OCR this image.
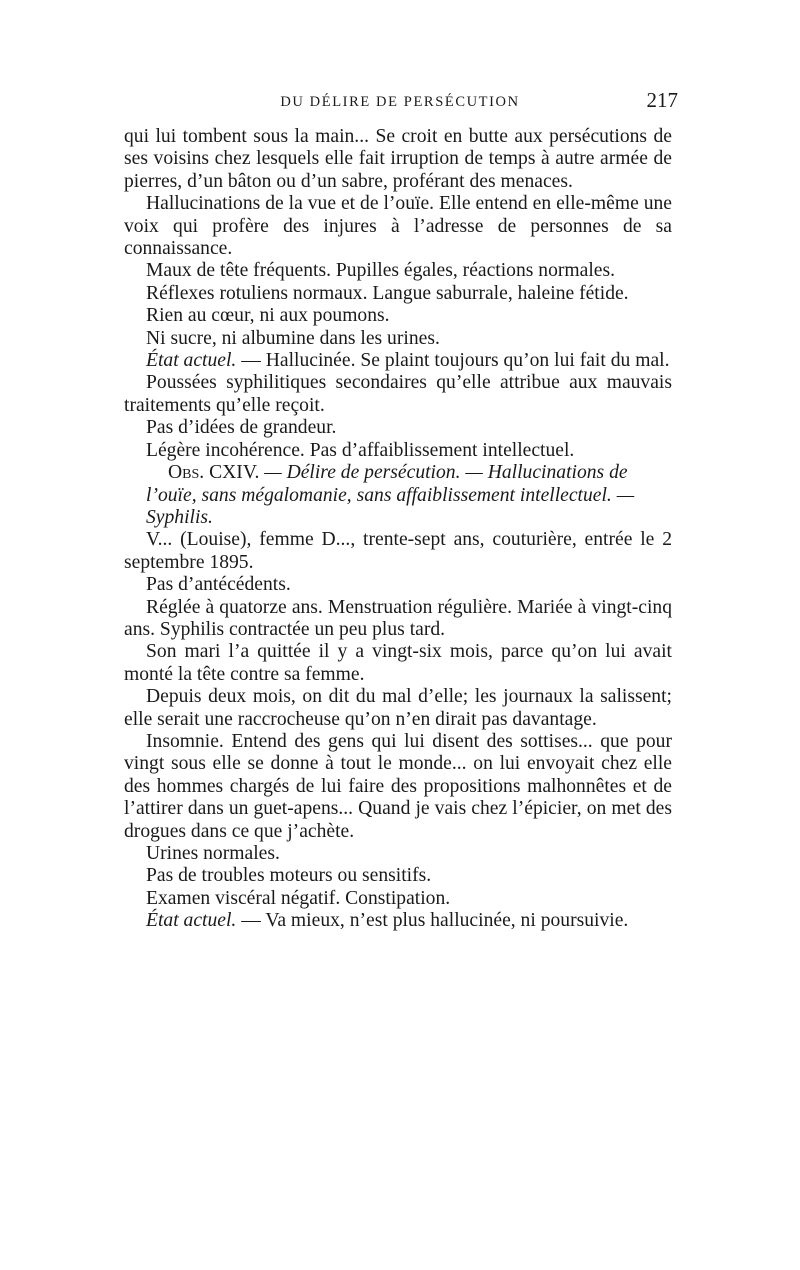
DU DÉLIRE DE PERSÉCUTION	217

qui lui tombent sous la main... Se croit en butte aux persécutions de ses voisins chez lesquels elle fait irruption de temps à autre armée de pierres, d’un bâton ou d’un sabre, proférant des menaces.

Hallucinations de la vue et de l’ouïe. Elle entend en elle-même une voix qui profère des injures à l’adresse de personnes de sa connaissance.

Maux de tête fréquents. Pupilles égales, réactions normales.

Réflexes rotuliens normaux. Langue saburrale, haleine fétide.

Rien au cœur, ni aux poumons.

Ni sucre, ni albumine dans les urines.

État actuel. — Hallucinée. Se plaint toujours qu’on lui fait du mal.

Poussées syphilitiques secondaires qu’elle attribue aux mauvais traitements qu’elle reçoit.

Pas d’idées de grandeur.

Légère incohérence. Pas d’affaiblissement intellectuel.

Obs. CXIV. — Délire de persécution. — Hallucinations de l’ouïe, sans mégalomanie, sans affaiblissement intellectuel. — Syphilis.

V... (Louise), femme D..., trente-sept ans, couturière, entrée le 2 septembre 1895.

Pas d’antécédents.

Réglée à quatorze ans. Menstruation régulière. Mariée à vingt-cinq ans. Syphilis contractée un peu plus tard.

Son mari l’a quittée il y a vingt-six mois, parce qu’on lui avait monté la tête contre sa femme.

Depuis deux mois, on dit du mal d’elle; les journaux la salissent; elle serait une raccrocheuse qu’on n’en dirait pas davantage.

Insomnie. Entend des gens qui lui disent des sottises... que pour vingt sous elle se donne à tout le monde... on lui envoyait chez elle des hommes chargés de lui faire des propositions malhonnêtes et de l’attirer dans un guet-apens... Quand je vais chez l’épicier, on met des drogues dans ce que j’achète.

Urines normales.

Pas de troubles moteurs ou sensitifs.

Examen viscéral négatif. Constipation.

État actuel. — Va mieux, n’est plus hallucinée, ni poursuivie.
